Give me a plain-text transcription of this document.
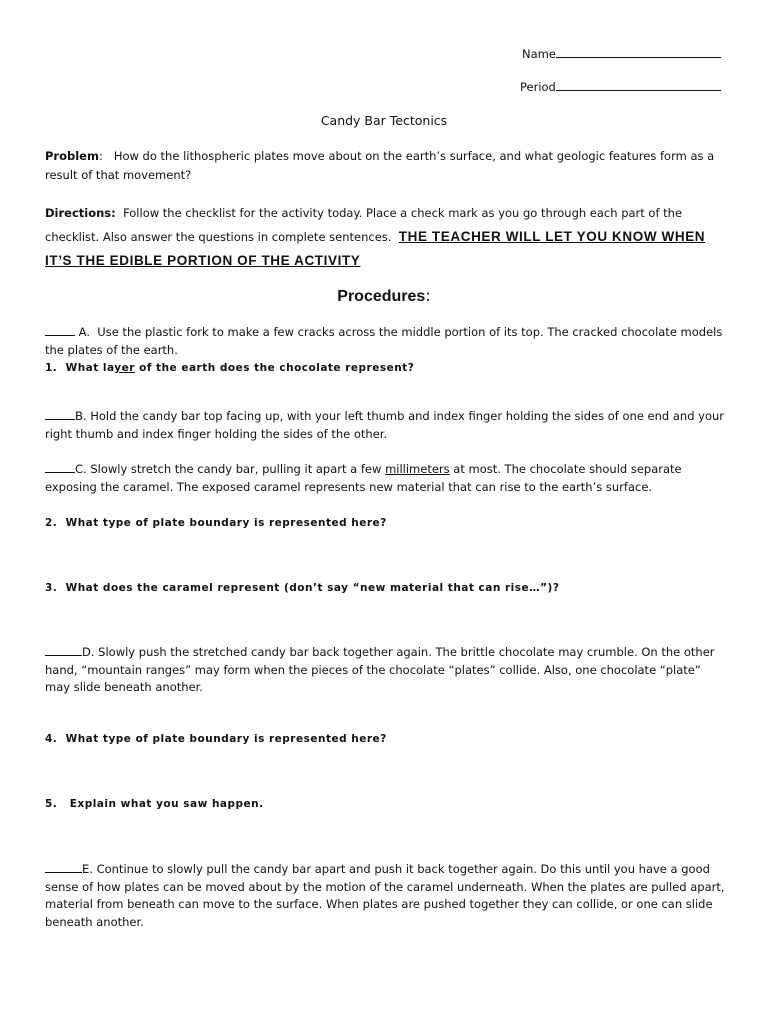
Name
Period
Candy Bar Tectonics
Problem: How do the lithospheric plates move about on the earth’s surface, and what geologic features form as a result of that movement?
Directions: Follow the checklist for the activity today. Place a check mark as you go through each part of the checklist. Also answer the questions in complete sentences. THE TEACHER WILL LET YOU KNOW WHEN IT’S THE EDIBLE PORTION OF THE ACTIVITY
Procedures:
A. Use the plastic fork to make a few cracks across the middle portion of its top. The cracked chocolate models the plates of the earth.
1. What layer of the earth does the chocolate represent?
B. Hold the candy bar top facing up, with your left thumb and index finger holding the sides of one end and your right thumb and index finger holding the sides of the other.
C. Slowly stretch the candy bar, pulling it apart a few millimeters at most. The chocolate should separate exposing the caramel. The exposed caramel represents new material that can rise to the earth’s surface.
2. What type of plate boundary is represented here?
3. What does the caramel represent (don’t say “new material that can rise…”)?
D. Slowly push the stretched candy bar back together again. The brittle chocolate may crumble. On the other hand, “mountain ranges” may form when the pieces of the chocolate “plates” collide. Also, one chocolate “plate” may slide beneath another.
4. What type of plate boundary is represented here?
5. Explain what you saw happen.
E. Continue to slowly pull the candy bar apart and push it back together again. Do this until you have a good sense of how plates can be moved about by the motion of the caramel underneath. When the plates are pulled apart, material from beneath can move to the surface. When plates are pushed together they can collide, or one can slide beneath another.
